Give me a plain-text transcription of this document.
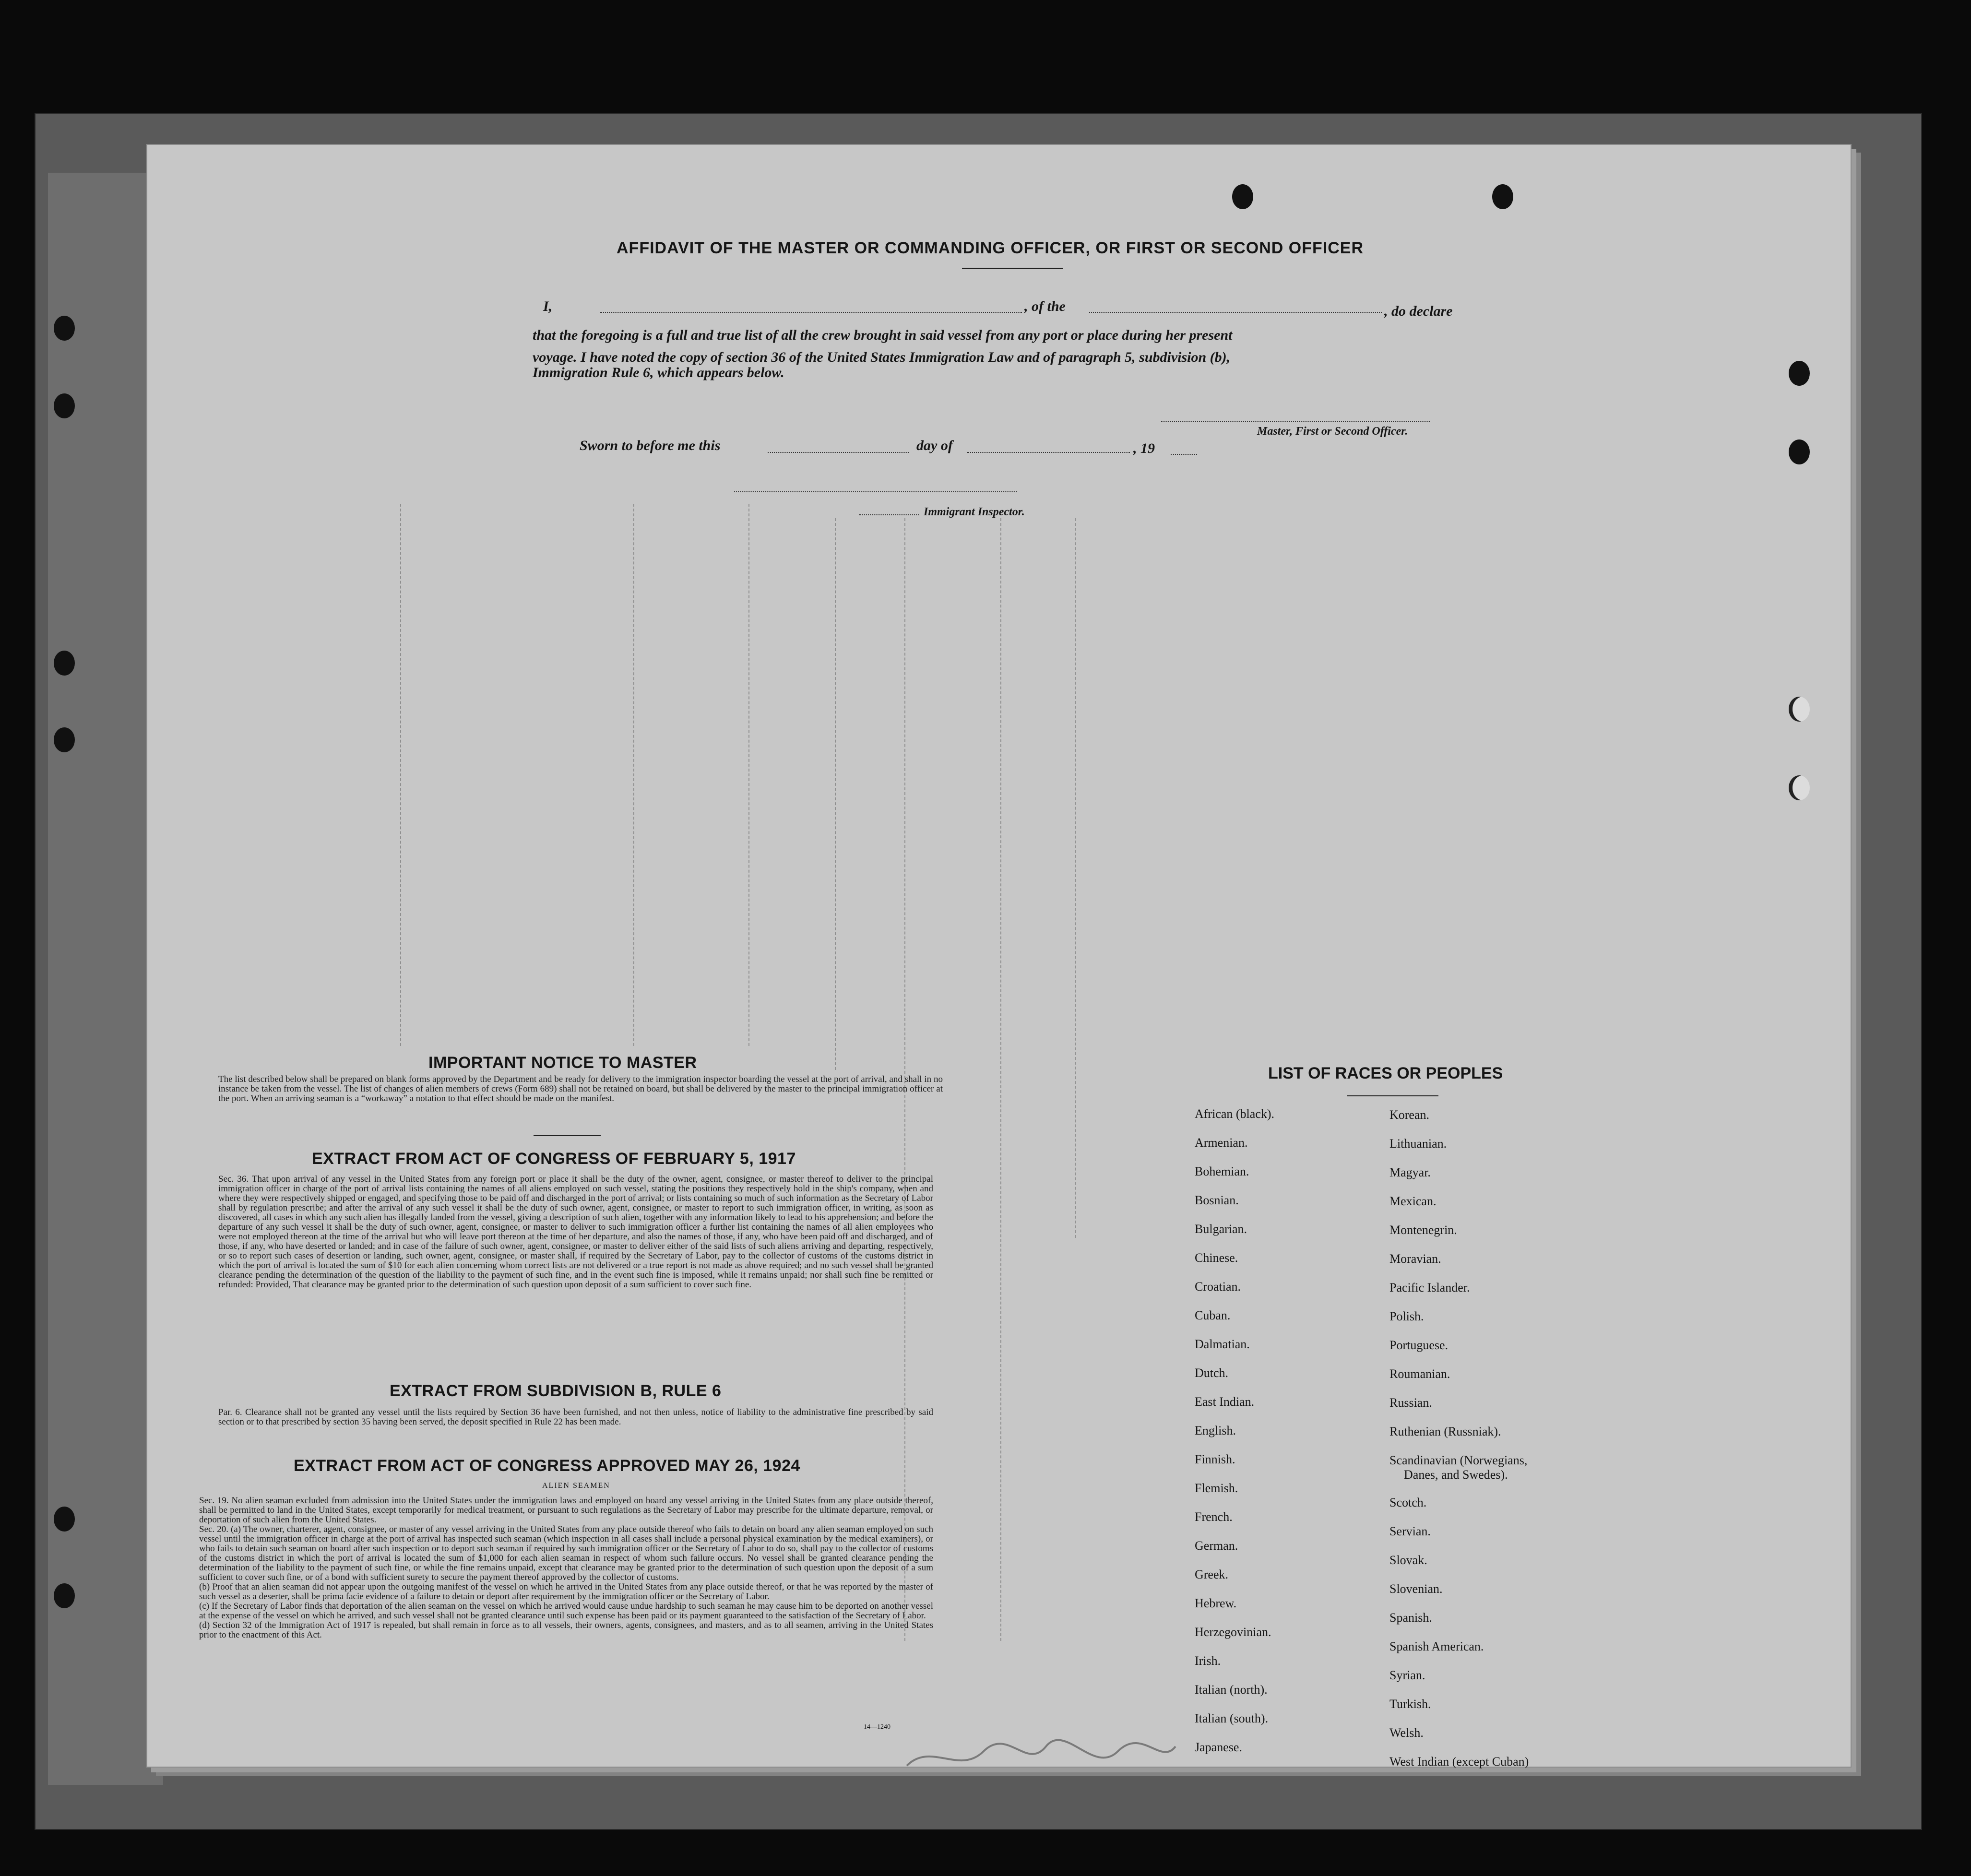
AFFIDAVIT OF THE MASTER OR COMMANDING OFFICER, OR FIRST OR SECOND OFFICER
I,	, of the	, do declare
that the foregoing is a full and true list of all the crew brought in said vessel from any port or place during her present
voyage. I have noted the copy of section 36 of the United States Immigration Law and of paragraph 5, subdivision (b),
Immigration Rule 6, which appears below.
Master, First or Second Officer.
Sworn to before me this	day of	, 19
Immigrant Inspector.
IMPORTANT NOTICE TO MASTER
The list described below shall be prepared on blank forms approved by the Department and be ready for delivery to the immigration inspector boarding the vessel at the port of arrival, and shall in no instance be taken from the vessel. The list of changes of alien members of crews (Form 689) shall not be retained on board, but shall be delivered by the master to the principal immigration officer at the port. When an arriving seaman is a “workaway” a notation to that effect should be made on the manifest.
EXTRACT FROM ACT OF CONGRESS OF FEBRUARY 5, 1917
Sec. 36. That upon arrival of any vessel in the United States from any foreign port or place it shall be the duty of the owner, agent, consignee, or master thereof to deliver to the principal immigration officer in charge of the port of arrival lists containing the names of all aliens employed on such vessel, stating the positions they respectively hold in the ship's company, when and where they were respectively shipped or engaged, and specifying those to be paid off and discharged in the port of arrival; or lists containing so much of such information as the Secretary of Labor shall by regulation prescribe; and after the arrival of any such vessel it shall be the duty of such owner, agent, consignee, or master to report to such immigration officer, in writing, as soon as discovered, all cases in which any such alien has illegally landed from the vessel, giving a description of such alien, together with any information likely to lead to his apprehension; and before the departure of any such vessel it shall be the duty of such owner, agent, consignee, or master to deliver to such immigration officer a further list containing the names of all alien employees who were not employed thereon at the time of the arrival but who will leave port thereon at the time of her departure, and also the names of those, if any, who have been paid off and discharged, and of those, if any, who have deserted or landed; and in case of the failure of such owner, agent, consignee, or master to deliver either of the said lists of such aliens arriving and departing, respectively, or so to report such cases of desertion or landing, such owner, agent, consignee, or master shall, if required by the Secretary of Labor, pay to the collector of customs of the customs district in which the port of arrival is located the sum of $10 for each alien concerning whom correct lists are not delivered or a true report is not made as above required; and no such vessel shall be granted clearance pending the determination of the question of the liability to the payment of such fine, and in the event such fine is imposed, while it remains unpaid; nor shall such fine be remitted or refunded: Provided, That clearance may be granted prior to the determination of such question upon deposit of a sum sufficient to cover such fine.
EXTRACT FROM SUBDIVISION B, RULE 6
Par. 6. Clearance shall not be granted any vessel until the lists required by Section 36 have been furnished, and not then unless, notice of liability to the administrative fine prescribed by said section or to that prescribed by section 35 having been served, the deposit specified in Rule 22 has been made.
EXTRACT FROM ACT OF CONGRESS APPROVED MAY 26, 1924
ALIEN SEAMEN
Sec. 19. No alien seaman excluded from admission into the United States under the immigration laws and employed on board any vessel arriving in the United States from any place outside thereof, shall be permitted to land in the United States, except temporarily for medical treatment, or pursuant to such regulations as the Secretary of Labor may prescribe for the ultimate departure, removal, or deportation of such alien from the United States.
Sec. 20. (a) The owner, charterer, agent, consignee, or master of any vessel arriving in the United States from any place outside thereof who fails to detain on board any alien seaman employed on such vessel until the immigration officer in charge at the port of arrival has inspected such seaman (which inspection in all cases shall include a personal physical examination by the medical examiners), or who fails to detain such seaman on board after such inspection or to deport such seaman if required by such immigration officer or the Secretary of Labor to do so, shall pay to the collector of customs of the customs district in which the port of arrival is located the sum of $1,000 for each alien seaman in respect of whom such failure occurs. No vessel shall be granted clearance pending the determination of the liability to the payment of such fine, or while the fine remains unpaid, except that clearance may be granted prior to the determination of such question upon the deposit of a sum sufficient to cover such fine, or of a bond with sufficient surety to secure the payment thereof approved by the collector of customs.
(b) Proof that an alien seaman did not appear upon the outgoing manifest of the vessel on which he arrived in the United States from any place outside thereof, or that he was reported by the master of such vessel as a deserter, shall be prima facie evidence of a failure to detain or deport after requirement by the immigration officer or the Secretary of Labor.
(c) If the Secretary of Labor finds that deportation of the alien seaman on the vessel on which he arrived would cause undue hardship to such seaman he may cause him to be deported on another vessel at the expense of the vessel on which he arrived, and such vessel shall not be granted clearance until such expense has been paid or its payment guaranteed to the satisfaction of the Secretary of Labor.
(d) Section 32 of the Immigration Act of 1917 is repealed, but shall remain in force as to all vessels, their owners, agents, consignees, and masters, and as to all seamen, arriving in the United States prior to the enactment of this Act.
14—1240
LIST OF RACES OR PEOPLES
African (black).
Armenian.
Bohemian.
Bosnian.
Bulgarian.
Chinese.
Croatian.
Cuban.
Dalmatian.
Dutch.
East Indian.
English.
Finnish.
Flemish.
French.
German.
Greek.
Hebrew.
Herzegovinian.
Irish.
Italian (north).
Italian (south).
Japanese.
Korean.
Lithuanian.
Magyar.
Mexican.
Montenegrin.
Moravian.
Pacific Islander.
Polish.
Portuguese.
Roumanian.
Russian.
Ruthenian (Russniak).
Scandinavian (Norwegians,
Danes, and Swedes).
Scotch.
Servian.
Slovak.
Slovenian.
Spanish.
Spanish American.
Syrian.
Turkish.
Welsh.
West Indian (except Cuban)
